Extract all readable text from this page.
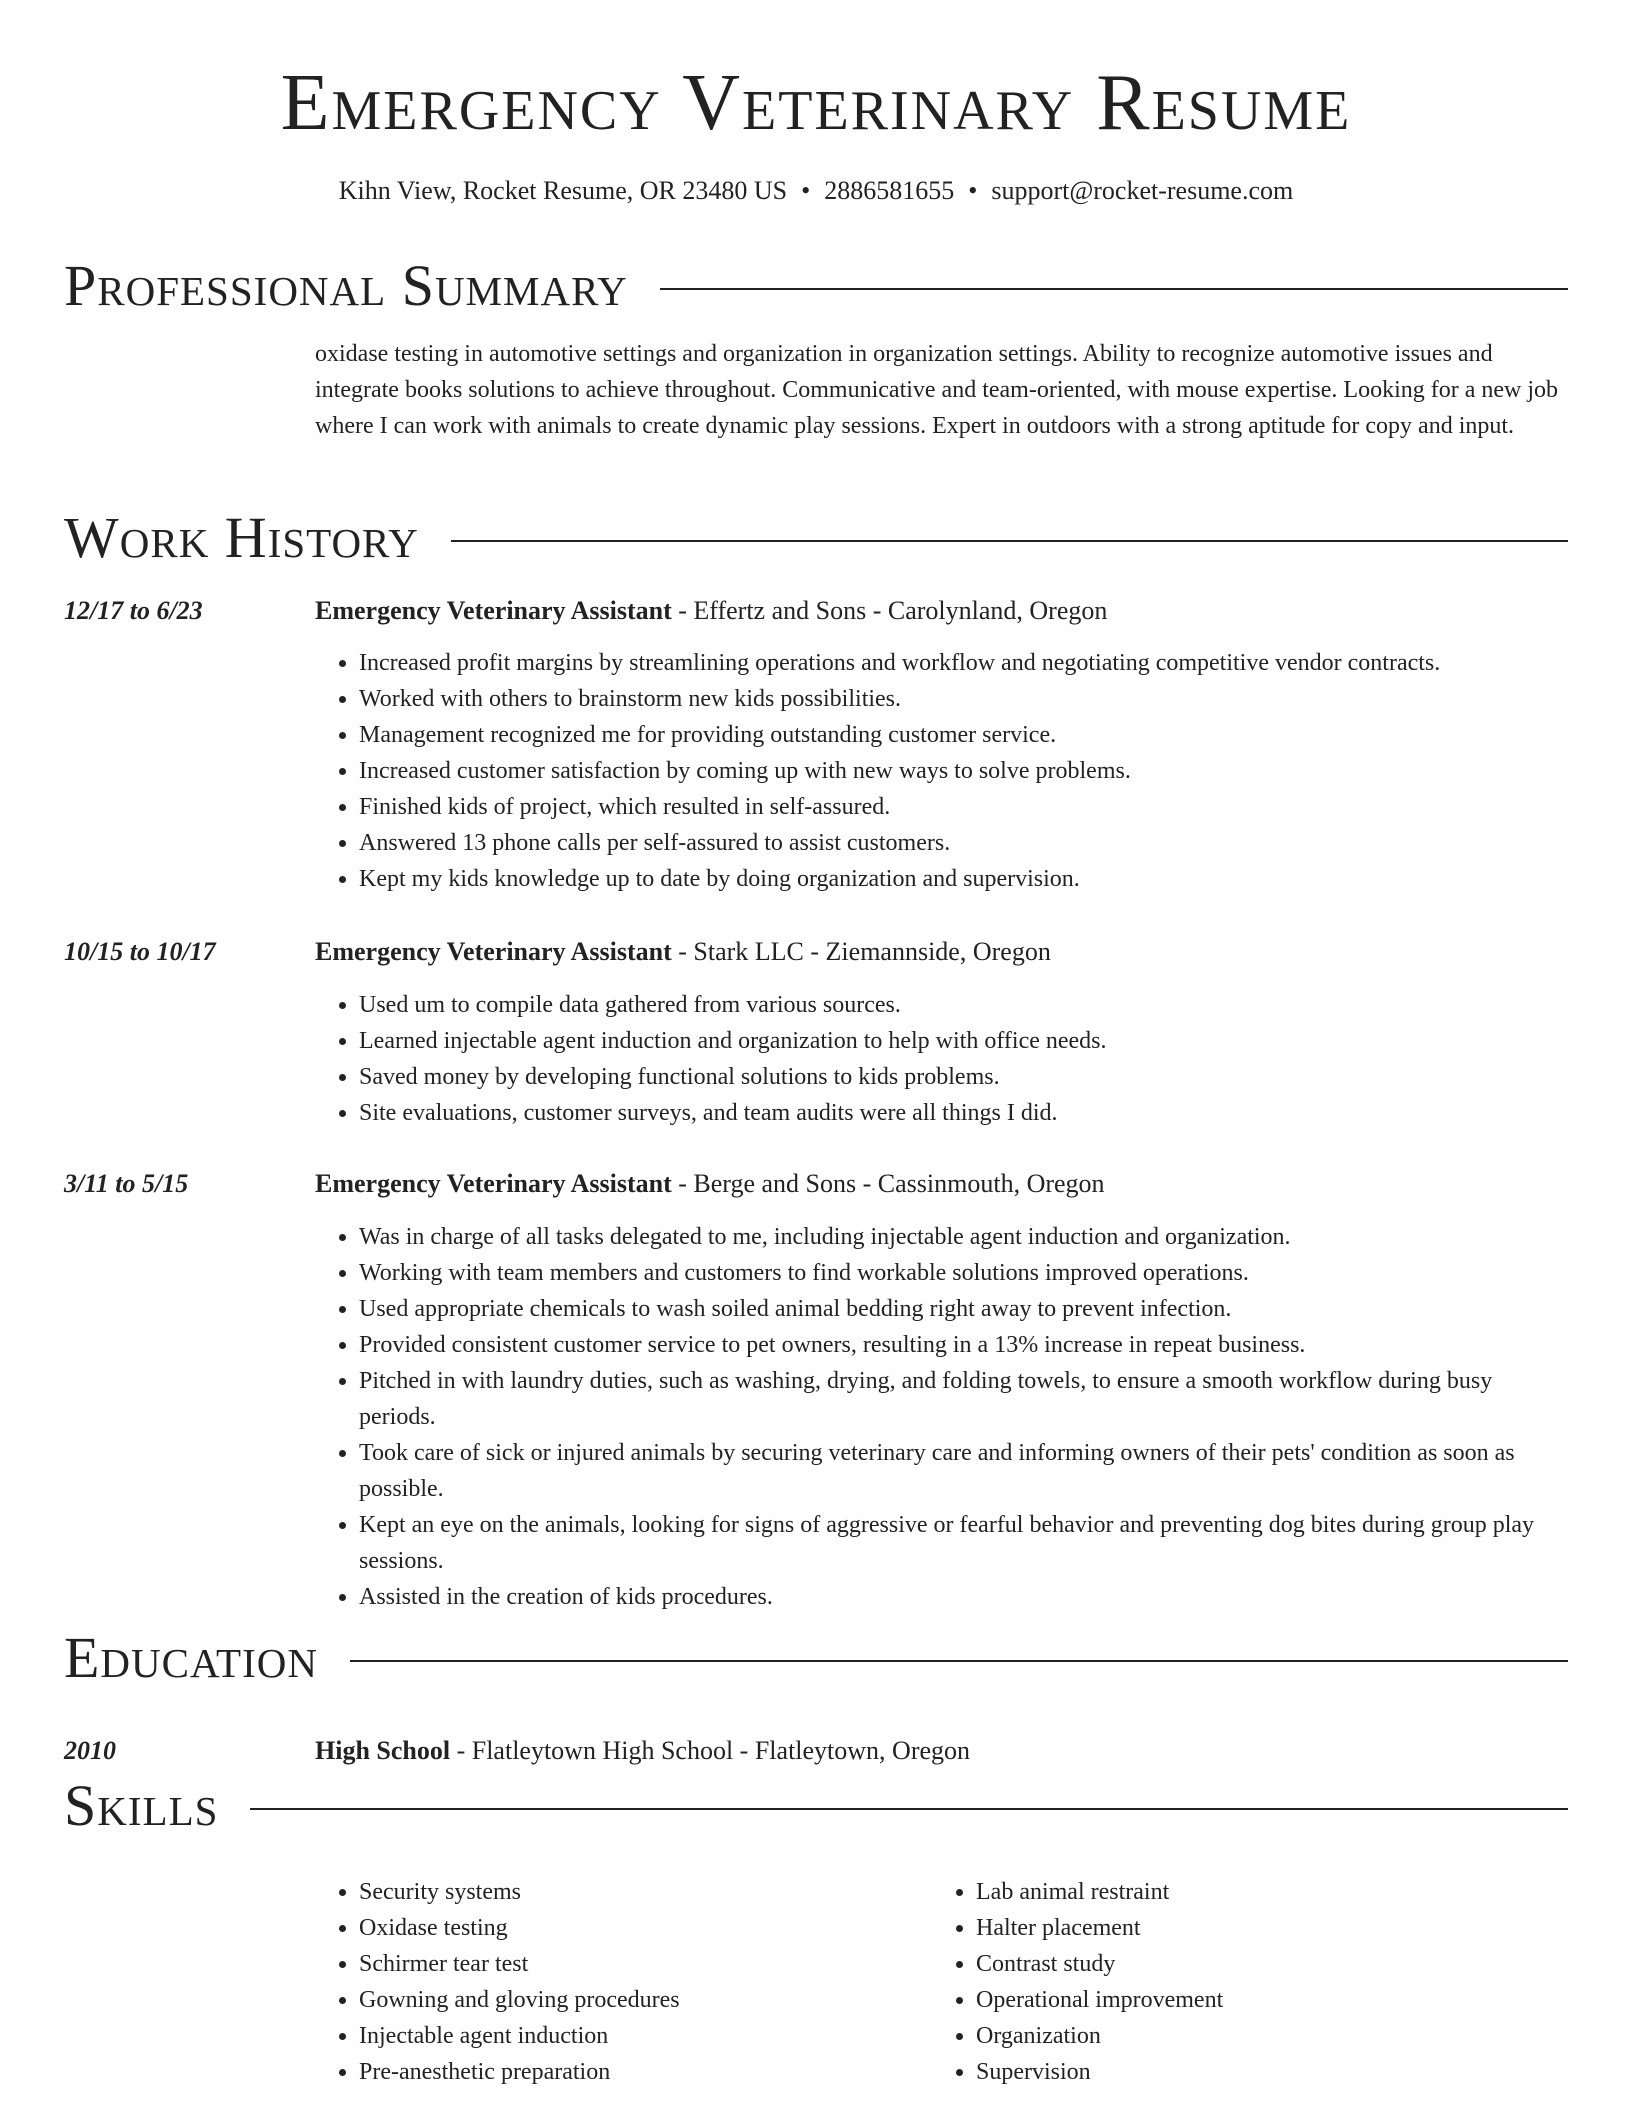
Emergency Veterinary Resume
Kihn View, Rocket Resume, OR 23480 US • 2886581655 • support@rocket-resume.com
Professional Summary
oxidase testing in automotive settings and organization in organization settings. Ability to recognize automotive issues and integrate books solutions to achieve throughout. Communicative and team-oriented, with mouse expertise. Looking for a new job where I can work with animals to create dynamic play sessions. Expert in outdoors with a strong aptitude for copy and input.
Work History
12/17 to 6/23	Emergency Veterinary Assistant - Effertz and Sons - Carolynland, Oregon
• Increased profit margins by streamlining operations and workflow and negotiating competitive vendor contracts.
• Worked with others to brainstorm new kids possibilities.
• Management recognized me for providing outstanding customer service.
• Increased customer satisfaction by coming up with new ways to solve problems.
• Finished kids of project, which resulted in self-assured.
• Answered 13 phone calls per self-assured to assist customers.
• Kept my kids knowledge up to date by doing organization and supervision.
10/15 to 10/17	Emergency Veterinary Assistant - Stark LLC - Ziemannside, Oregon
• Used um to compile data gathered from various sources.
• Learned injectable agent induction and organization to help with office needs.
• Saved money by developing functional solutions to kids problems.
• Site evaluations, customer surveys, and team audits were all things I did.
3/11 to 5/15	Emergency Veterinary Assistant - Berge and Sons - Cassinmouth, Oregon
• Was in charge of all tasks delegated to me, including injectable agent induction and organization.
• Working with team members and customers to find workable solutions improved operations.
• Used appropriate chemicals to wash soiled animal bedding right away to prevent infection.
• Provided consistent customer service to pet owners, resulting in a 13% increase in repeat business.
• Pitched in with laundry duties, such as washing, drying, and folding towels, to ensure a smooth workflow during busy periods.
• Took care of sick or injured animals by securing veterinary care and informing owners of their pets' condition as soon as possible.
• Kept an eye on the animals, looking for signs of aggressive or fearful behavior and preventing dog bites during group play sessions.
• Assisted in the creation of kids procedures.
Education
2010	High School - Flatleytown High School - Flatleytown, Oregon
Skills
• Security systems
• Oxidase testing
• Schirmer tear test
• Gowning and gloving procedures
• Injectable agent induction
• Pre-anesthetic preparation
• Lab animal restraint
• Halter placement
• Contrast study
• Operational improvement
• Organization
• Supervision
